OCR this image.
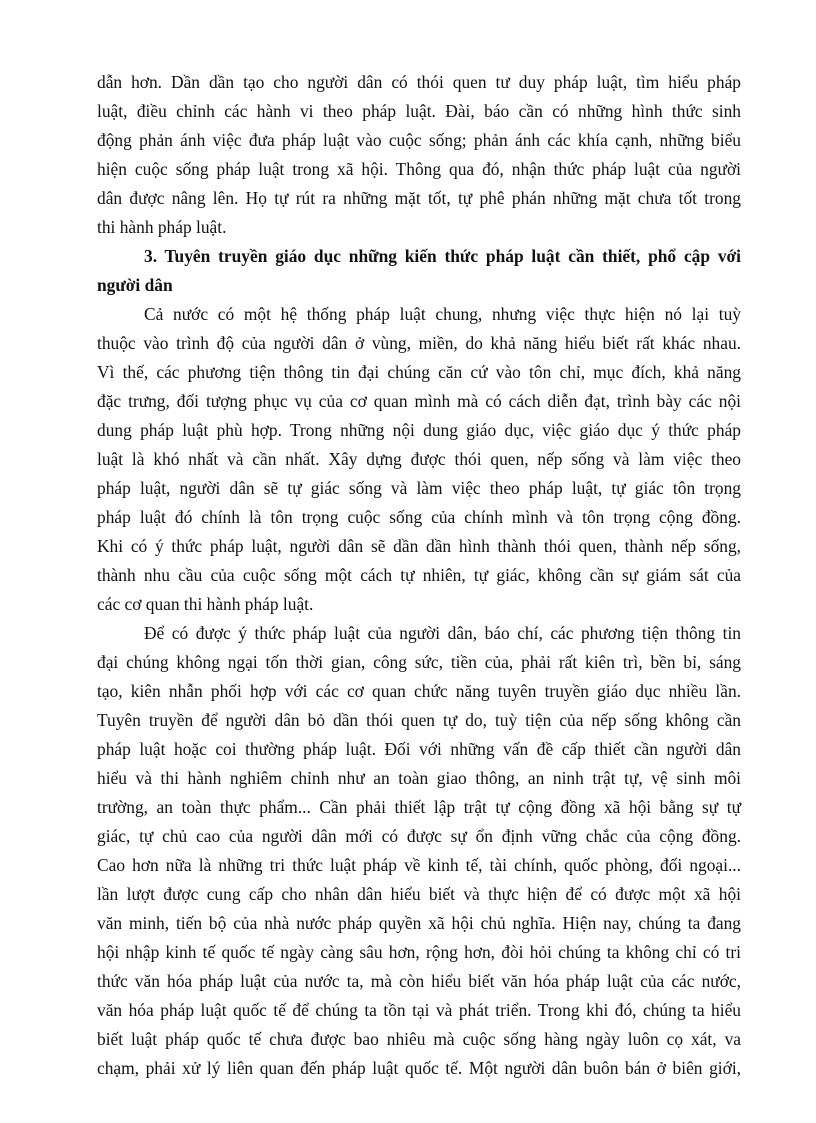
dẫn hơn. Dần dần tạo cho người dân có thói quen tư duy pháp luật, tìm hiểu pháp
luật, điều chỉnh các hành vi theo pháp luật. Đài, báo cần có những hình thức sinh
động phản ánh việc đưa pháp luật vào cuộc sống; phản ánh các khía cạnh, những biểu
hiện cuộc sống pháp luật trong xã hội. Thông qua đó, nhận thức pháp luật của người
dân được nâng lên. Họ tự rút ra những mặt tốt, tự phê phán những mặt chưa tốt trong
thi hành pháp luật.
3. Tuyên truyền giáo dục những kiến thức pháp luật cần thiết, phổ cập với
người dân
Cả nước có một hệ thống pháp luật chung, nhưng việc thực hiện nó lại tuỳ
thuộc vào trình độ của người dân ở vùng, miền, do khả năng hiểu biết rất khác nhau.
Vì thế, các phương tiện thông tin đại chúng căn cứ vào tôn chỉ, mục đích, khả năng
đặc trưng, đối tượng phục vụ của cơ quan mình mà có cách diễn đạt, trình bày các nội
dung pháp luật phù hợp. Trong những nội dung giáo dục, việc giáo dục ý thức pháp
luật là khó nhất và cần nhất. Xây dựng được thói quen, nếp sống và làm việc theo
pháp luật, người dân sẽ tự giác sống và làm việc theo pháp luật, tự giác tôn trọng
pháp luật đó chính là tôn trọng cuộc sống của chính mình và tôn trọng cộng đồng.
Khi có ý thức pháp luật, người dân sẽ dần dần hình thành thói quen, thành nếp sống,
thành nhu cầu của cuộc sống một cách tự nhiên, tự giác, không cần sự giám sát của
các cơ quan thi hành pháp luật.
Để có được ý thức pháp luật của người dân, báo chí, các phương tiện thông tin
đại chúng không ngại tốn thời gian, công sức, tiền của, phải rất kiên trì, bền bỉ, sáng
tạo, kiên nhẫn phối hợp với các cơ quan chức năng tuyên truyền giáo dục nhiều lần.
Tuyên truyền để người dân bỏ dần thói quen tự do, tuỳ tiện của nếp sống không cần
pháp luật hoặc coi thường pháp luật. Đối với những vấn đề cấp thiết cần người dân
hiểu và thi hành nghiêm chỉnh như an toàn giao thông, an ninh trật tự, vệ sinh môi
trường, an toàn thực phẩm... Cần phải thiết lập trật tự cộng đồng xã hội bằng sự tự
giác, tự chủ cao của người dân mới có được sự ổn định vững chắc của cộng đồng.
Cao hơn nữa là những tri thức luật pháp về kinh tế, tài chính, quốc phòng, đối ngoại...
lần lượt được cung cấp cho nhân dân hiểu biết và thực hiện để có được một xã hội
văn minh, tiến bộ của nhà nước pháp quyền xã hội chủ nghĩa. Hiện nay, chúng ta đang
hội nhập kinh tế quốc tế ngày càng sâu hơn, rộng hơn, đòi hỏi chúng ta không chỉ có tri
thức văn hóa pháp luật của nước ta, mà còn hiểu biết văn hóa pháp luật của các nước,
văn hóa pháp luật quốc tế để chúng ta tồn tại và phát triển. Trong khi đó, chúng ta hiểu
biết luật pháp quốc tế chưa được bao nhiêu mà cuộc sống hàng ngày luôn cọ xát, va
chạm, phải xử lý liên quan đến pháp luật quốc tế. Một người dân buôn bán ở biên giới,
